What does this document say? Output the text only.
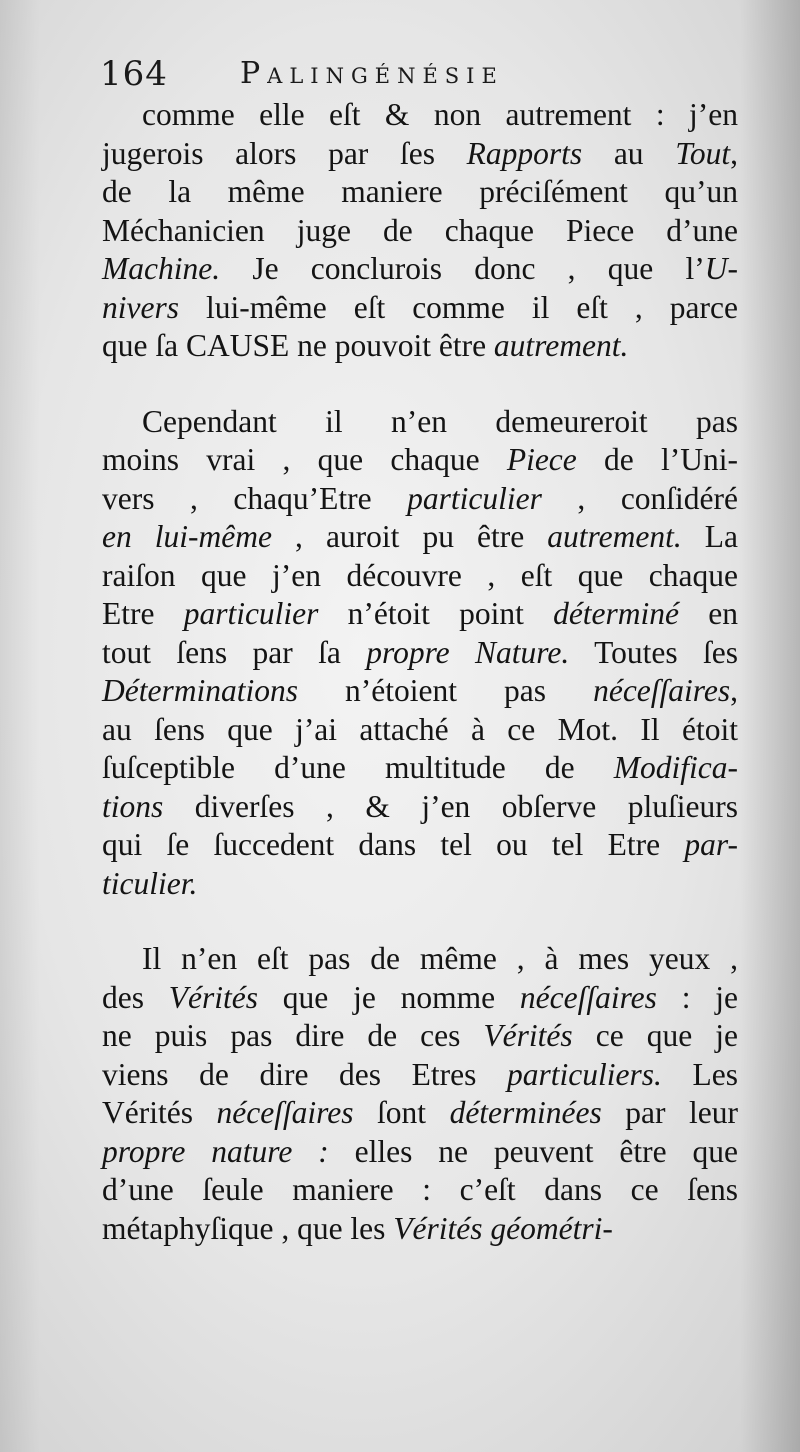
164 Palingénésie
comme elle eſt & non autrement : j’en
jugerois alors par ſes Rapports au Tout,
de la même maniere préciſément qu’un
Méchanicien juge de chaque Piece d’une
Machine. Je conclurois donc , que l’U-
nivers lui-même eſt comme il eſt , parce
que ſa CAUSE ne pouvoit être autrement.
Cependant il n’en demeureroit pas
moins vrai , que chaque Piece de l’Uni-
vers , chaqu’Etre particulier , conſidéré
en lui-même , auroit pu être autrement. La
raiſon que j’en découvre , eſt que chaque
Etre particulier n’étoit point déterminé en
tout ſens par ſa propre Nature. Toutes ſes
Déterminations n’étoient pas néceſſaires,
au ſens que j’ai attaché à ce Mot. Il étoit
ſuſceptible d’une multitude de Modifica-
tions diverſes , & j’en obſerve pluſieurs
qui ſe ſuccedent dans tel ou tel Etre par-
ticulier.
Il n’en eſt pas de même , à mes yeux ,
des Vérités que je nomme néceſſaires : je
ne puis pas dire de ces Vérités ce que je
viens de dire des Etres particuliers. Les
Vérités néceſſaires ſont déterminées par leur
propre nature : elles ne peuvent être que
d’une ſeule maniere : c’eſt dans ce ſens
métaphyſique , que les Vérités géométri-
